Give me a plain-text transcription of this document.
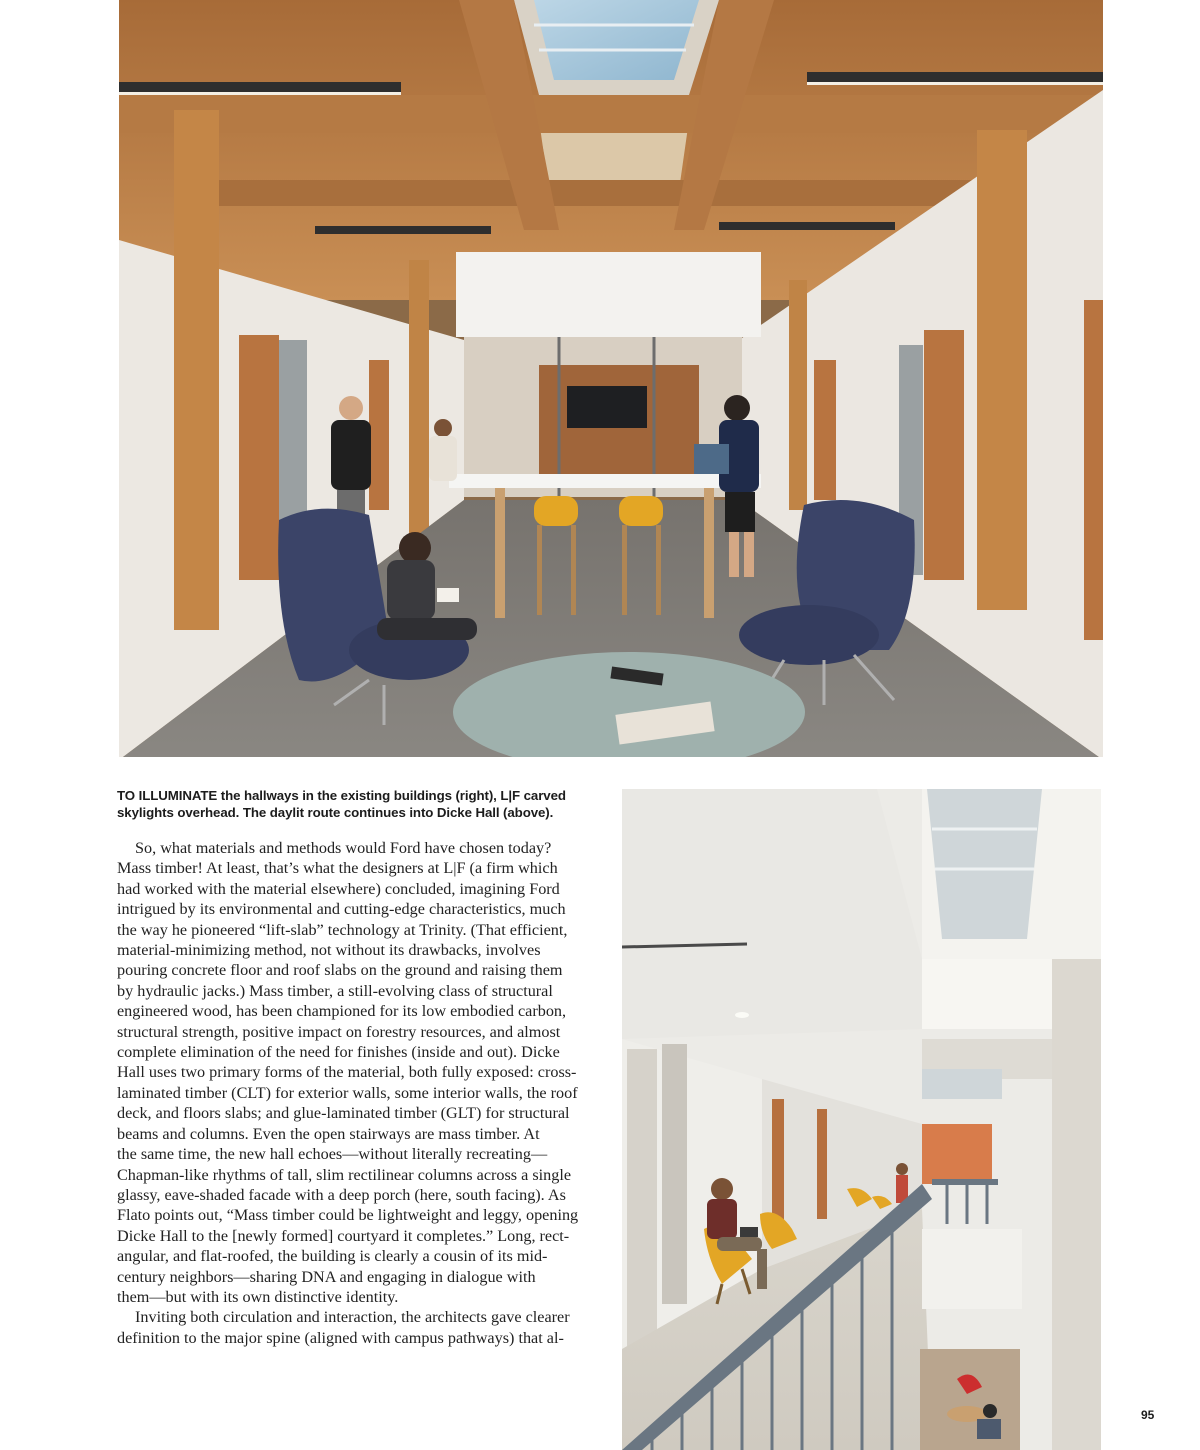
TO ILLUMINATE the hallways in the existing buildings (right), L|F carved
skylights overhead. The daylit route continues into Dicke Hall (above).
So, what materials and methods would Ford have chosen today?
Mass timber! At least, that’s what the designers at L|F (a firm which
had worked with the material elsewhere) concluded, imagining Ford
intrigued by its environmental and cutting-edge characteristics, much
the way he pioneered “lift-slab” technology at Trinity. (That efficient,
material-minimizing method, not without its drawbacks, involves
pouring concrete floor and roof slabs on the ground and raising them
by hydraulic jacks.) Mass timber, a still-evolving class of structural
engineered wood, has been championed for its low embodied carbon,
structural strength, positive impact on forestry resources, and almost
complete elimination of the need for finishes (inside and out). Dicke
Hall uses two primary forms of the material, both fully exposed: cross-
laminated timber (CLT) for exterior walls, some interior walls, the roof
deck, and floors slabs; and glue-laminated timber (GLT) for structural
beams and columns. Even the open stairways are mass timber. At
the same time, the new hall echoes—without literally recreating—
Chapman-like rhythms of tall, slim rectilinear columns across a single
glassy, eave-shaded facade with a deep porch (here, south facing). As
Flato points out, “Mass timber could be lightweight and leggy, opening
Dicke Hall to the [newly formed] courtyard it completes.” Long, rect-
angular, and flat-roofed, the building is clearly a cousin of its mid-
century neighbors—sharing DNA and engaging in dialogue with
them—but with its own distinctive identity.
Inviting both circulation and interaction, the architects gave clearer
definition to the major spine (aligned with campus pathways) that al-
95
